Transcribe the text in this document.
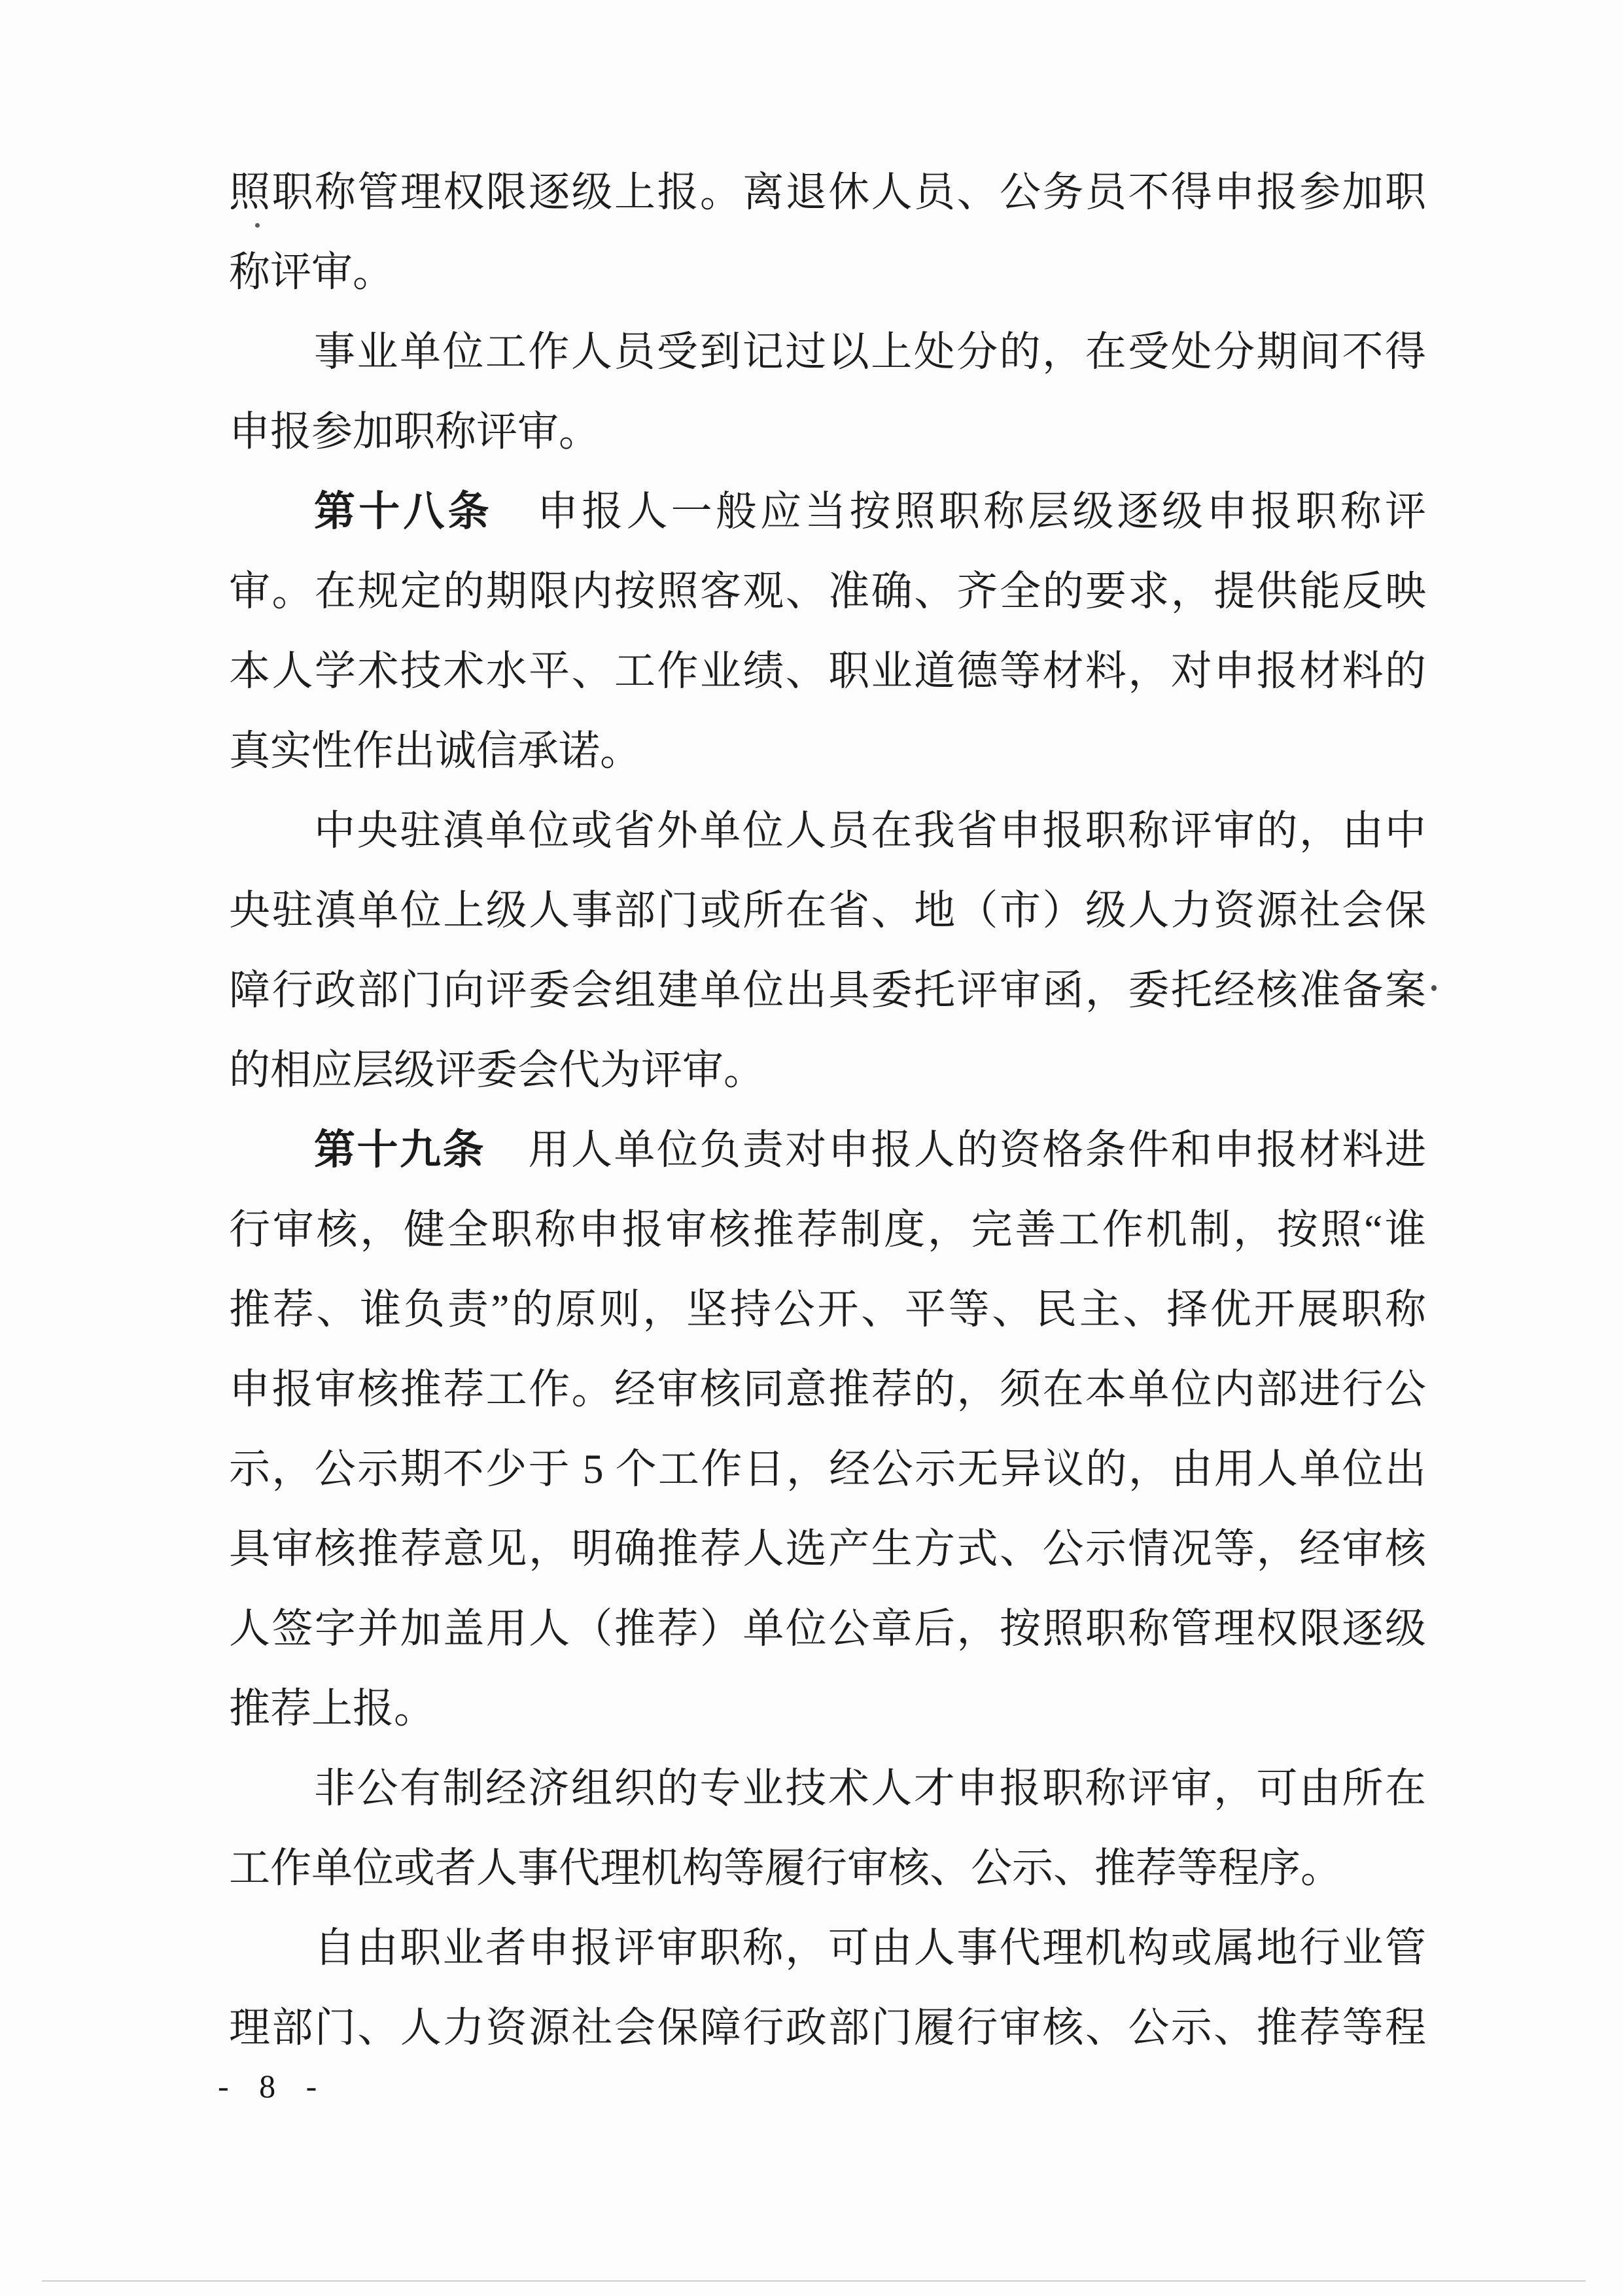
照职称管理权限逐级上报。离退休人员、公务员不得申报参加职
称评审。
事业单位工作人员受到记过以上处分的，在受处分期间不得
申报参加职称评审。
第十八条　申报人一般应当按照职称层级逐级申报职称评
审。在规定的期限内按照客观、准确、齐全的要求，提供能反映
本人学术技术水平、工作业绩、职业道德等材料，对申报材料的
真实性作出诚信承诺。
中央驻滇单位或省外单位人员在我省申报职称评审的，由中
央驻滇单位上级人事部门或所在省、地（市）级人力资源社会保
障行政部门向评委会组建单位出具委托评审函，委托经核准备案
的相应层级评委会代为评审。
第十九条　用人单位负责对申报人的资格条件和申报材料进
行审核，健全职称申报审核推荐制度，完善工作机制，按照“谁
推荐、谁负责”的原则，坚持公开、平等、民主、择优开展职称
申报审核推荐工作。经审核同意推荐的，须在本单位内部进行公
示，公示期不少于 5 个工作日，经公示无异议的，由用人单位出
具审核推荐意见，明确推荐人选产生方式、公示情况等，经审核
人签字并加盖用人（推荐）单位公章后，按照职称管理权限逐级
推荐上报。
非公有制经济组织的专业技术人才申报职称评审，可由所在
工作单位或者人事代理机构等履行审核、公示、推荐等程序。
自由职业者申报评审职称，可由人事代理机构或属地行业管
理部门、人力资源社会保障行政部门履行审核、公示、推荐等程
- 8 -
